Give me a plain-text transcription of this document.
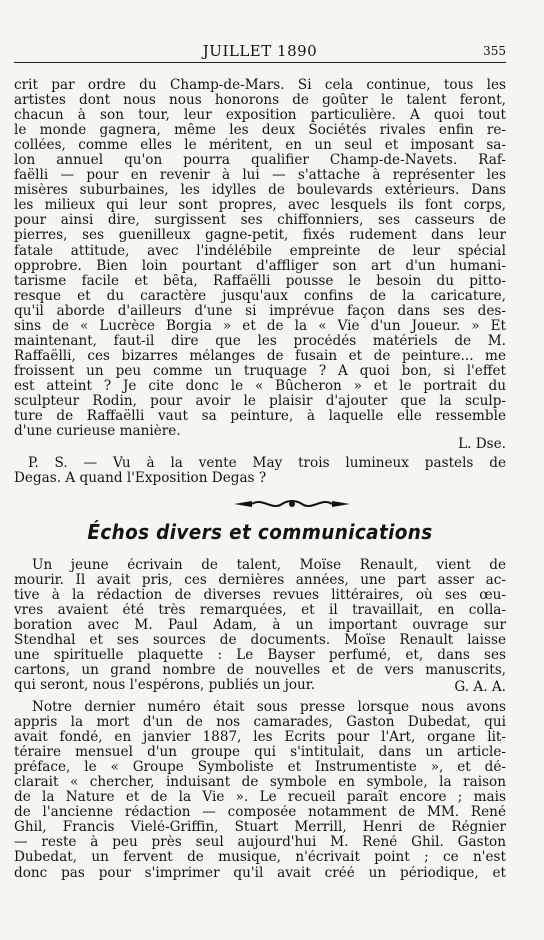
JUILLET 1890	355
crit par ordre du Champ-de-Mars. Si cela continue, tous les
artistes dont nous nous honorons de goûter le talent feront,
chacun à son tour, leur exposition particulière. A quoi tout
le monde gagnera, même les deux Sociétés rivales enfin re-
collées, comme elles le méritent, en un seul et imposant sa-
lon annuel qu'on pourra qualifier Champ-de-Navets. Raf-
faëlli — pour en revenir à lui — s'attache à représenter les
misères suburbaines, les idylles de boulevards extérieurs. Dans
les milieux qui leur sont propres, avec lesquels ils font corps,
pour ainsi dire, surgissent ses chiffonniers, ses casseurs de
pierres, ses guenilleux gagne-petit, fixés rudement dans leur
fatale attitude, avec l'indélébile empreinte de leur spécial
opprobre. Bien loin pourtant d'affliger son art d'un humani-
tarisme facile et bêta, Raffaëlli pousse le besoin du pitto-
resque et du caractère jusqu'aux confins de la caricature,
qu'il aborde d'ailleurs d'une si imprévue façon dans ses des-
sins de « Lucrèce Borgia » et de la « Vie d'un Joueur. » Et
maintenant, faut-il dire que les procédés matériels de M.
Raffaëlli, ces bizarres mélanges de fusain et de peinture... me
froissent un peu comme un truquage ? A quoi bon, si l'effet
est atteint ? Je cite donc le « Bûcheron » et le portrait du
sculpteur Rodin, pour avoir le plaisir d'ajouter que la sculp-
ture de Raffaëlli vaut sa peinture, à laquelle elle ressemble
d'une curieuse manière.
L. Dse.
P. S. — Vu à la vente May trois lumineux pastels de
Degas. A quand l'Exposition Degas ?
Échos divers et communications
Un jeune écrivain de talent, Moïse Renault, vient de
mourir. Il avait pris, ces dernières années, une part asser ac-
tive à la rédaction de diverses revues littéraires, où ses œu-
vres avaient été très remarquées, et il travaillait, en colla-
boration avec M. Paul Adam, à un important ouvrage sur
Stendhal et ses sources de documents. Moïse Renault laisse
une spirituelle plaquette : Le Bayser perfumé, et, dans ses
cartons, un grand nombre de nouvelles et de vers manuscrits,
qui seront, nous l'espérons, publiés un jour.	G. A. A.
Notre dernier numéro était sous presse lorsque nous avons
appris la mort d'un de nos camarades, Gaston Dubedat, qui
avait fondé, en janvier 1887, les Ecrits pour l'Art, organe lit-
téraire mensuel d'un groupe qui s'intitulait, dans un article-
préface, le « Groupe Symboliste et Instrumentiste », et dé-
clarait « chercher, induisant de symbole en symbole, la raison
de la Nature et de la Vie ». Le recueil paraît encore ; mais
de l'ancienne rédaction — composée notamment de MM. René
Ghil, Francis Vielé-Griffin, Stuart Merrill, Henri de Régnier
— reste à peu près seul aujourd'hui M. René Ghil. Gaston
Dubedat, un fervent de musique, n'écrivait point ; ce n'est
donc pas pour s'imprimer qu'il avait créé un périodique, et
